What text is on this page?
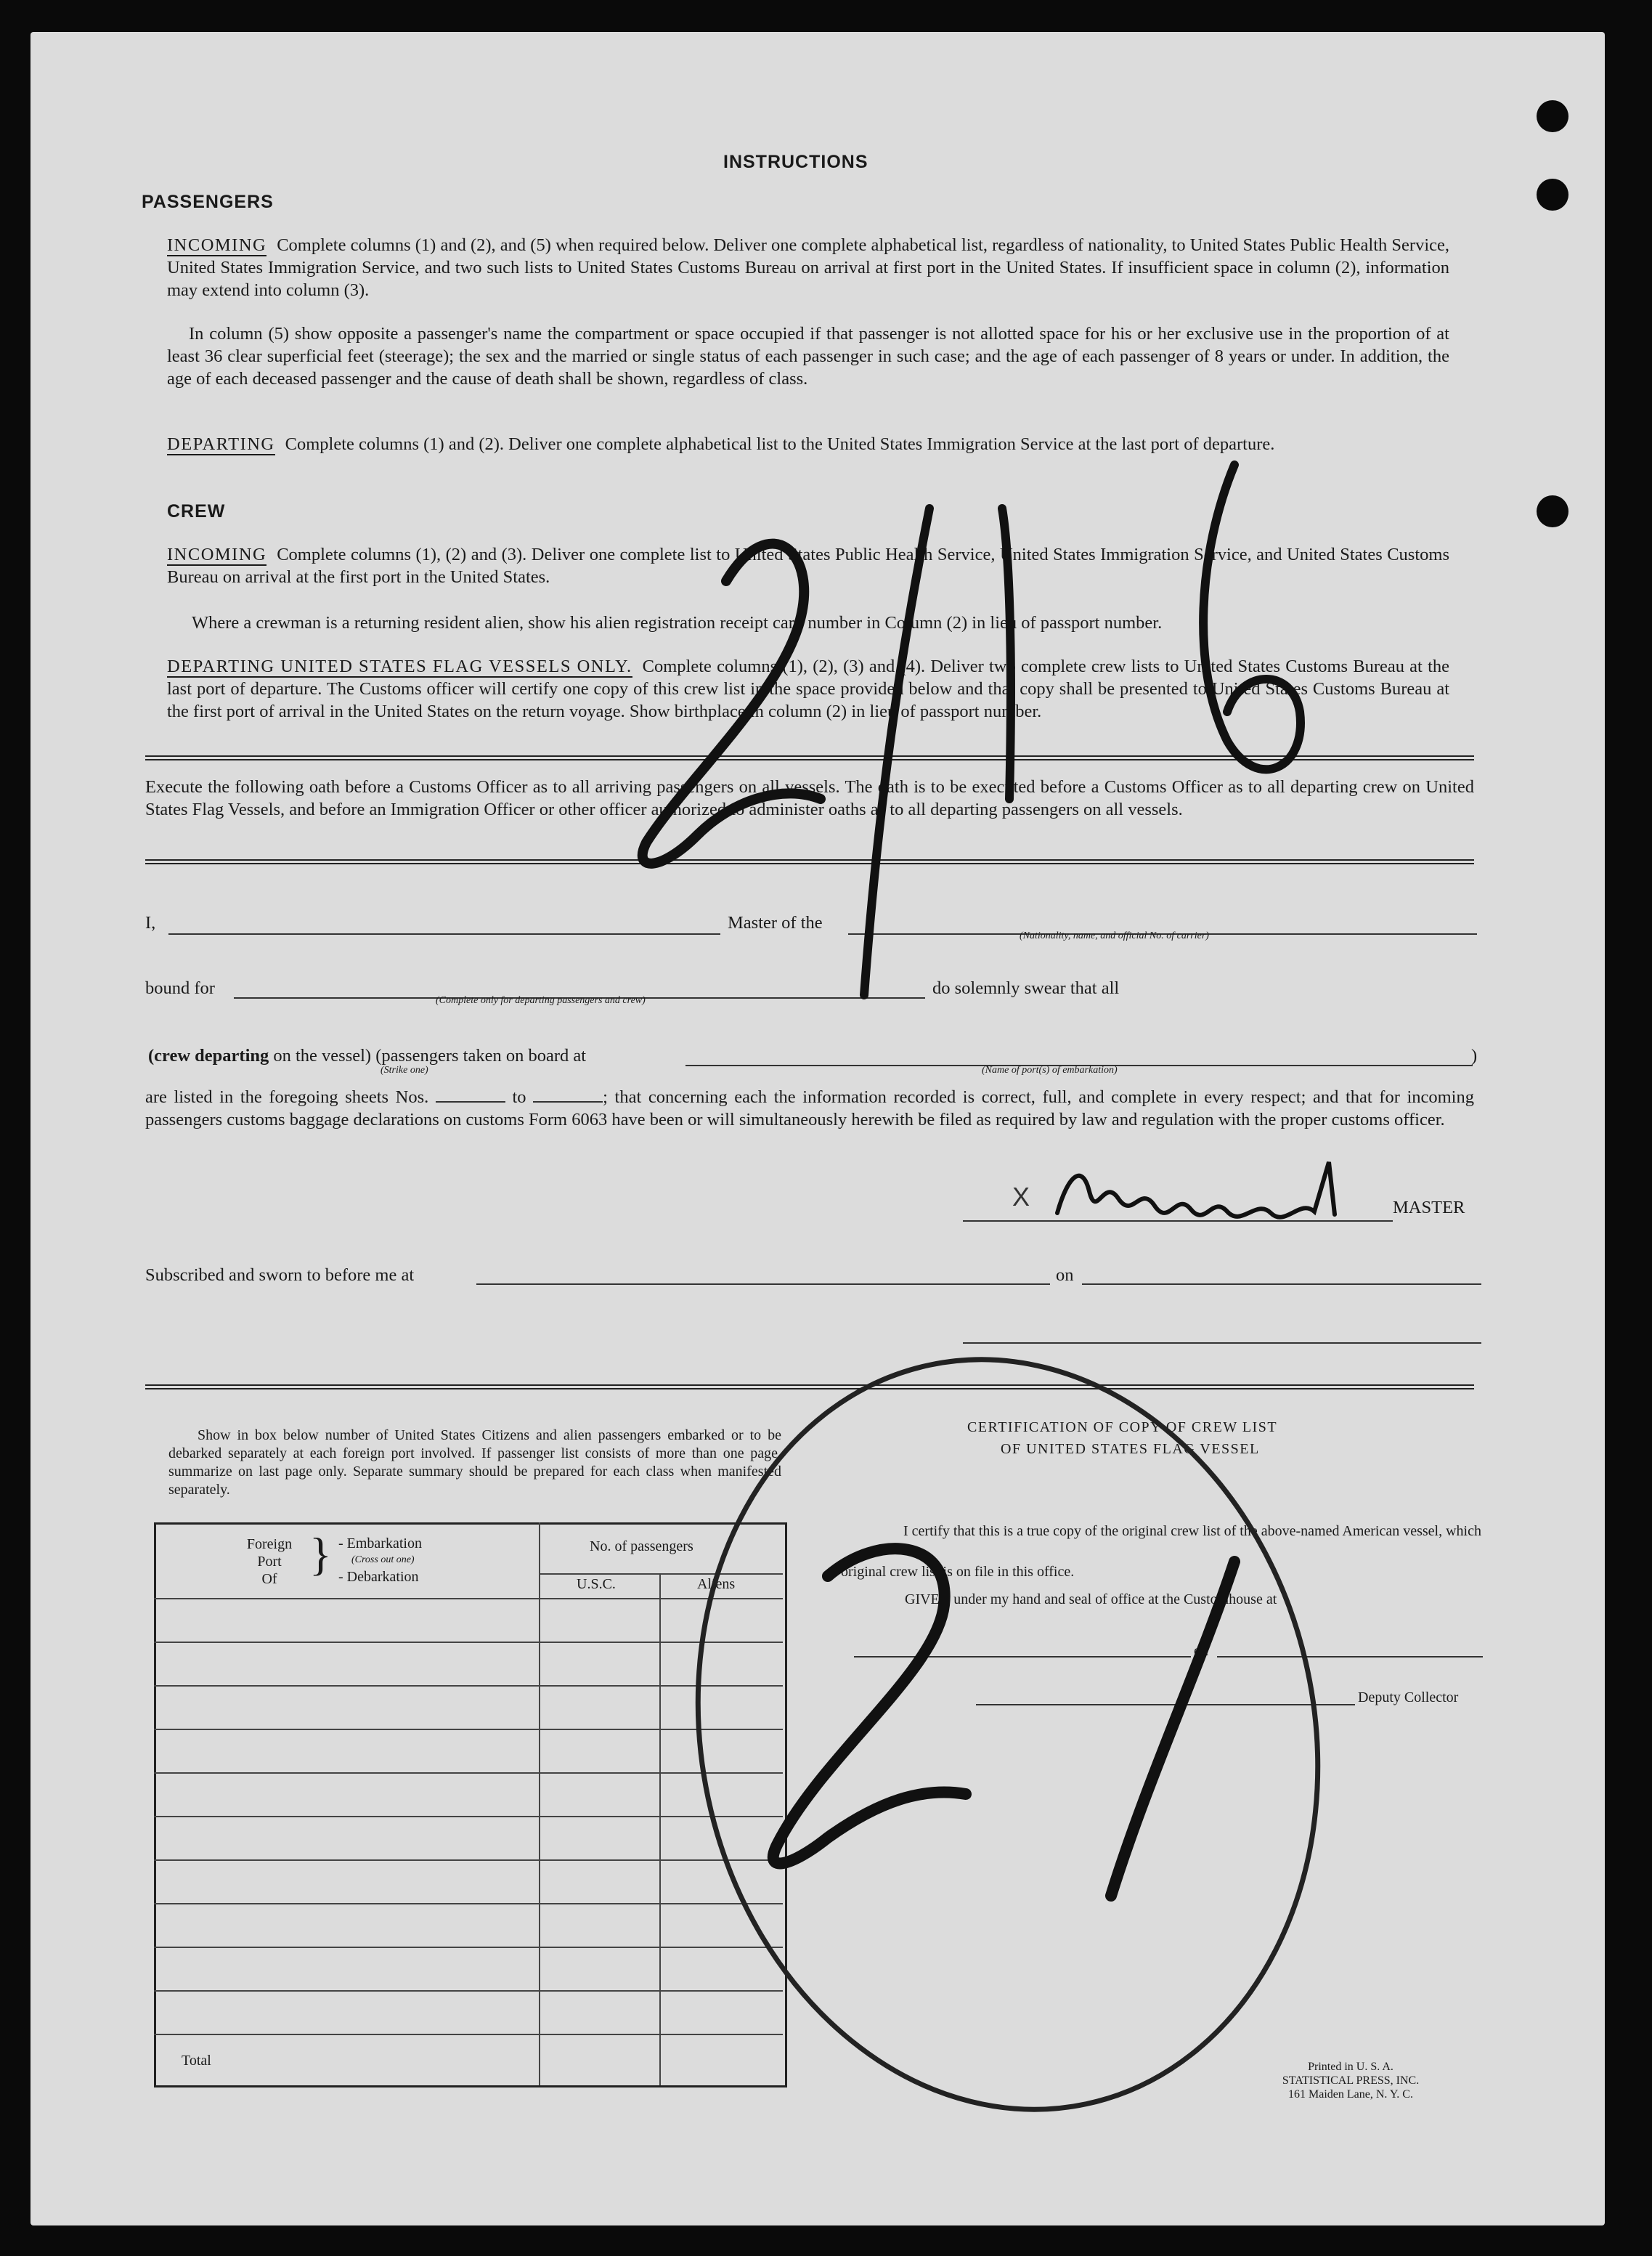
INSTRUCTIONS
PASSENGERS
INCOMING Complete columns (1) and (2), and (5) when required below. Deliver one complete alphabetical list, regardless of nationality, to United States Public Health Service, United States Immigration Service, and two such lists to United States Customs Bureau on arrival at first port in the United States. If insufficient space in column (2), information may extend into column (3).
In column (5) show opposite a passenger's name the compartment or space occupied if that passenger is not allotted space for his or her exclusive use in the proportion of at least 36 clear superficial feet (steerage); the sex and the married or single status of each passenger in such case; and the age of each passenger of 8 years or under. In addition, the age of each deceased passenger and the cause of death shall be shown, regardless of class.
DEPARTING Complete columns (1) and (2). Deliver one complete alphabetical list to the United States Immigration Service at the last port of departure.
CREW
INCOMING Complete columns (1), (2) and (3). Deliver one complete list to United States Public Health Service, United States Immigration Service, and United States Customs Bureau on arrival at the first port in the United States.
Where a crewman is a returning resident alien, show his alien registration receipt card number in Column (2) in lieu of passport number.
DEPARTING UNITED STATES FLAG VESSELS ONLY. Complete columns (1), (2), (3) and (4). Deliver two complete crew lists to United States Customs Bureau at the last port of departure. The Customs officer will certify one copy of this crew list in the space provided below and that copy shall be presented to United States Customs Bureau at the first port of arrival in the United States on the return voyage. Show birthplace in column (2) in lieu of passport number.
Execute the following oath before a Customs Officer as to all arriving passengers on all vessels. The oath is to be executed before a Customs Officer as to all departing crew on United States Flag Vessels, and before an Immigration Officer or other officer authorized to administer oaths as to all departing passengers on all vessels.
I,	Master of the
(Nationality, name, and official No. of carrier)
bound for
(Complete only for departing passengers and crew)
do solemnly swear that all
(crew departing on the vessel) (passengers taken on board at	)
(Strike one)	(Name of port(s) of embarkation)
are listed in the foregoing sheets Nos.	to	; that concerning each the information recorded is correct, full, and complete in every respect; and that for incoming passengers customs baggage declarations on customs Form 6063 have been or will simultaneously herewith be filed as required by law and regulation with the proper customs officer.
MASTER
Subscribed and sworn to before me at	on
Show in box below number of United States Citizens and alien passengers embarked or to be debarked separately at each foreign port involved. If passenger list consists of more than one page, summarize on last page only. Separate summary should be prepared for each class when manifested separately.
Foreign
Port
Of } - Embarkation
(Cross out one)
- Debarkation
No. of passengers
U.S.C.	Aliens
Total
CERTIFICATION OF COPY OF CREW LIST
OF UNITED STATES FLAG VESSEL
I certify that this is a true copy of the original crew list of the above-named American vessel, which original crew list is on file in this office.
GIVEN under my hand and seal of office at the Customhouse at
on
Deputy Collector
Printed in U. S. A.
STATISTICAL PRESS, INC.
161 Maiden Lane, N. Y. C.
X
